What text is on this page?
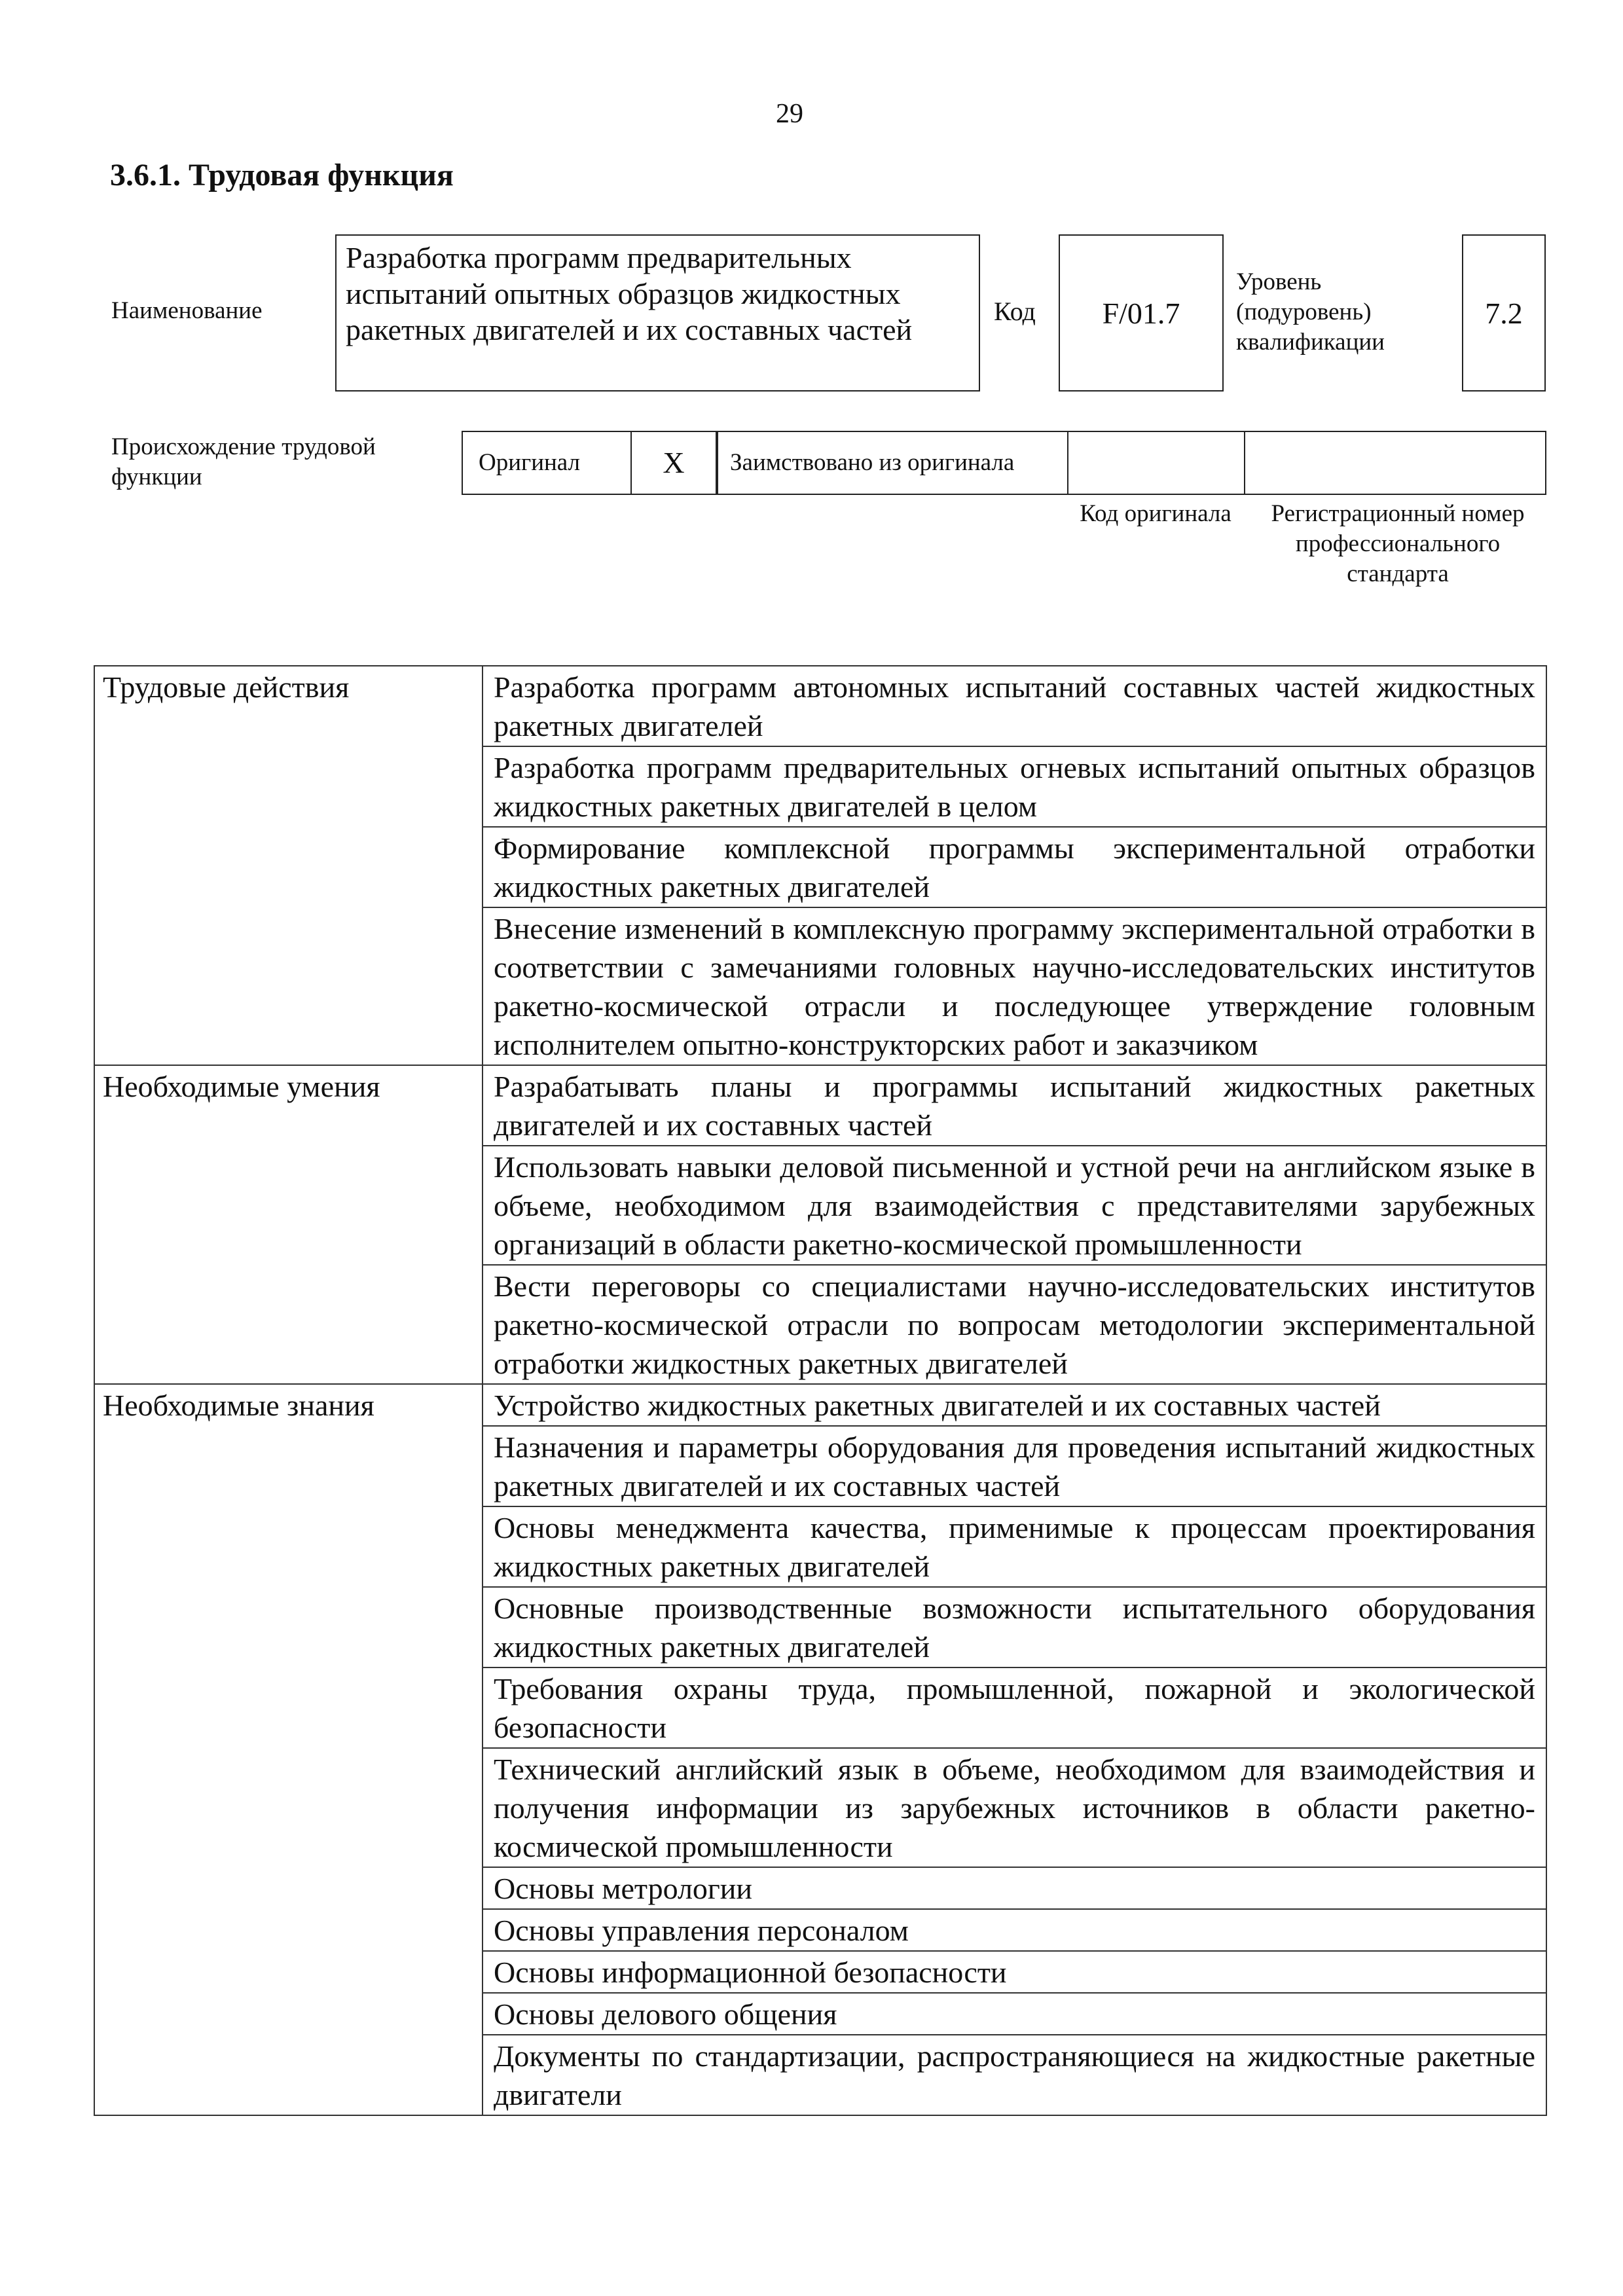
29
3.6.1. Трудовая функция
Наименование
Разработка программ предварительных испытаний опытных образцов жидкостных ракетных двигателей и их составных частей
Код	F/01.7
Уровень (подуровень) квалификации
7.2
Происхождение трудовой функции
Оригинал	X	Заимствовано из оригинала
Код оригинала	Регистрационный номер профессионального стандарта
Трудовые действия	Разработка программ автономных испытаний составных частей жидкостных ракетных двигателей
	Разработка программ предварительных огневых испытаний опытных образцов жидкостных ракетных двигателей в целом
	Формирование комплексной программы экспериментальной отработки жидкостных ракетных двигателей
	Внесение изменений в комплексную программу экспериментальной отработки в соответствии с замечаниями головных научно-исследовательских институтов ракетно-космической отрасли и последующее утверждение головным исполнителем опытно-конструкторских работ и заказчиком
Необходимые умения	Разрабатывать планы и программы испытаний жидкостных ракетных двигателей и их составных частей
	Использовать навыки деловой письменной и устной речи на английском языке в объеме, необходимом для взаимодействия с представителями зарубежных организаций в области ракетно-космической промышленности
	Вести переговоры со специалистами научно-исследовательских институтов ракетно-космической отрасли по вопросам методологии экспериментальной отработки жидкостных ракетных двигателей
Необходимые знания	Устройство жидкостных ракетных двигателей и их составных частей
	Назначения и параметры оборудования для проведения испытаний жидкостных ракетных двигателей и их составных частей
	Основы менеджмента качества, применимые к процессам проектирования жидкостных ракетных двигателей
	Основные производственные возможности испытательного оборудования жидкостных ракетных двигателей
	Требования охраны труда, промышленной, пожарной и экологической безопасности
	Технический английский язык в объеме, необходимом для взаимодействия и получения информации из зарубежных источников в области ракетно-космической промышленности
	Основы метрологии
	Основы управления персоналом
	Основы информационной безопасности
	Основы делового общения
	Документы по стандартизации, распространяющиеся на жидкостные ракетные двигатели
